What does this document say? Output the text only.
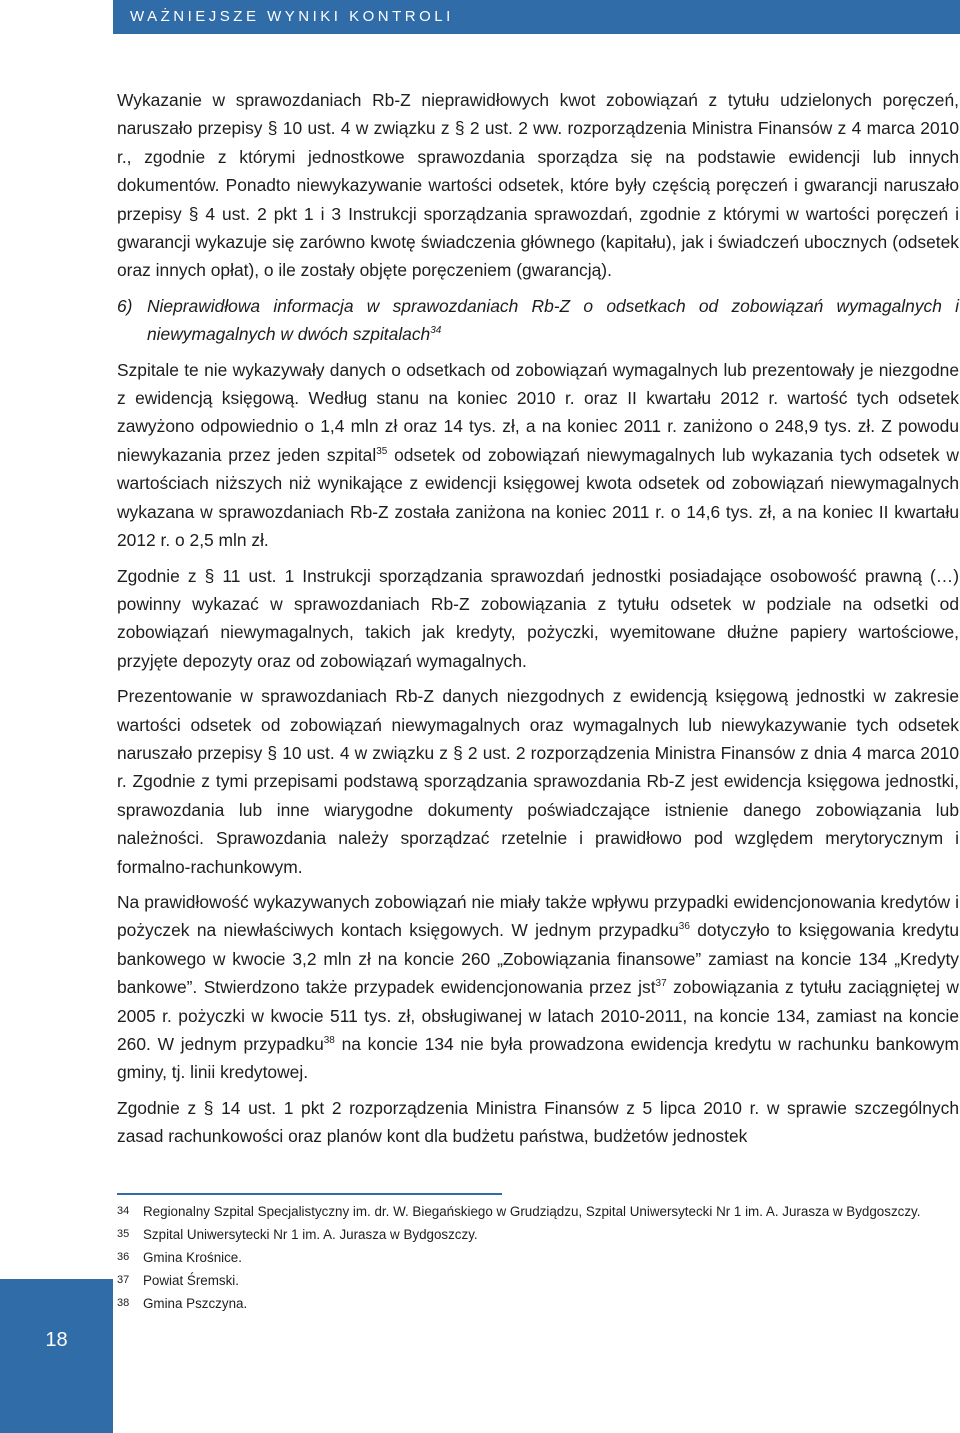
WAŻNIEJSZE WYNIKI KONTROLI

Wykazanie w sprawozdaniach Rb-Z nieprawidłowych kwot zobowiązań z tytułu udzielonych poręczeń, naruszało przepisy § 10 ust. 4 w związku z § 2 ust. 2 ww. rozporządzenia Ministra Finansów z 4 marca 2010 r., zgodnie z którymi jednostkowe sprawozdania sporządza się na podstawie ewidencji lub innych dokumentów. Ponadto niewykazywanie wartości odsetek, które były częścią poręczeń i gwarancji naruszało przepisy § 4 ust. 2 pkt 1 i 3 Instrukcji sporządzania sprawozdań, zgodnie z którymi w wartości poręczeń i gwarancji wykazuje się zarówno kwotę świadczenia głównego (kapitału), jak i świadczeń ubocznych (odsetek oraz innych opłat), o ile zostały objęte poręczeniem (gwarancją).

6) Nieprawidłowa informacja w sprawozdaniach Rb-Z o odsetkach od zobowiązań wymagalnych i niewymagalnych w dwóch szpitalach$^{34}$

Szpitale te nie wykazywały danych o odsetkach od zobowiązań wymagalnych lub prezentowały je niezgodne z ewidencją księgową. Według stanu na koniec 2010 r. oraz II kwartału 2012 r. wartość tych odsetek zawyżono odpowiednio o 1,4 mln zł oraz 14 tys. zł, a na koniec 2011 r. zaniżono o 248,9 tys. zł. Z powodu niewykazania przez jeden szpital$^{35}$ odsetek od zobowiązań niewymagalnych lub wykazania tych odsetek w wartościach niższych niż wynikające z ewidencji księgowej kwota odsetek od zobowiązań niewymagalnych wykazana w sprawozdaniach Rb-Z została zaniżona na koniec 2011 r. o 14,6 tys. zł, a na koniec II kwartału 2012 r. o 2,5 mln zł.

Zgodnie z § 11 ust. 1 Instrukcji sporządzania sprawozdań jednostki posiadające osobowość prawną (…) powinny wykazać w sprawozdaniach Rb-Z zobowiązania z tytułu odsetek w podziale na odsetki od zobowiązań niewymagalnych, takich jak kredyty, pożyczki, wyemitowane dłużne papiery wartościowe, przyjęte depozyty oraz od zobowiązań wymagalnych.

Prezentowanie w sprawozdaniach Rb-Z danych niezgodnych z ewidencją księgową jednostki w zakresie wartości odsetek od zobowiązań niewymagalnych oraz wymagalnych lub niewykazywanie tych odsetek naruszało przepisy § 10 ust. 4 w związku z § 2 ust. 2 rozporządzenia Ministra Finansów z dnia 4 marca 2010 r. Zgodnie z tymi przepisami podstawą sporządzania sprawozdania Rb-Z jest ewidencja księgowa jednostki, sprawozdania lub inne wiarygodne dokumenty poświadczające istnienie danego zobowiązania lub należności. Sprawozdania należy sporządzać rzetelnie i prawidłowo pod względem merytorycznym i formalno-rachunkowym.

Na prawidłowość wykazywanych zobowiązań nie miały także wpływu przypadki ewidencjonowania kredytów i pożyczek na niewłaściwych kontach księgowych. W jednym przypadku$^{36}$ dotyczyło to księgowania kredytu bankowego w kwocie 3,2 mln zł na koncie 260 „Zobowiązania finansowe” zamiast na koncie 134 „Kredyty bankowe”. Stwierdzono także przypadek ewidencjonowania przez jst$^{37}$ zobowiązania z tytułu zaciągniętej w 2005 r. pożyczki w kwocie 511 tys. zł, obsługiwanej w latach 2010-2011, na koncie 134, zamiast na koncie 260. W jednym przypadku$^{38}$ na koncie 134 nie była prowadzona ewidencja kredytu w rachunku bankowym gminy, tj. linii kredytowej.

Zgodnie z § 14 ust. 1 pkt 2 rozporządzenia Ministra Finansów z 5 lipca 2010 r. w sprawie szczególnych zasad rachunkowości oraz planów kont dla budżetu państwa, budżetów jednostek

34 Regionalny Szpital Specjalistyczny im. dr. W. Biegańskiego w Grudziądzu, Szpital Uniwersytecki Nr 1 im. A. Jurasza w Bydgoszczy.
35 Szpital Uniwersytecki Nr 1 im. A. Jurasza w Bydgoszczy.
36 Gmina Krośnice.
37 Powiat Śremski.
38 Gmina Pszczyna.
18
